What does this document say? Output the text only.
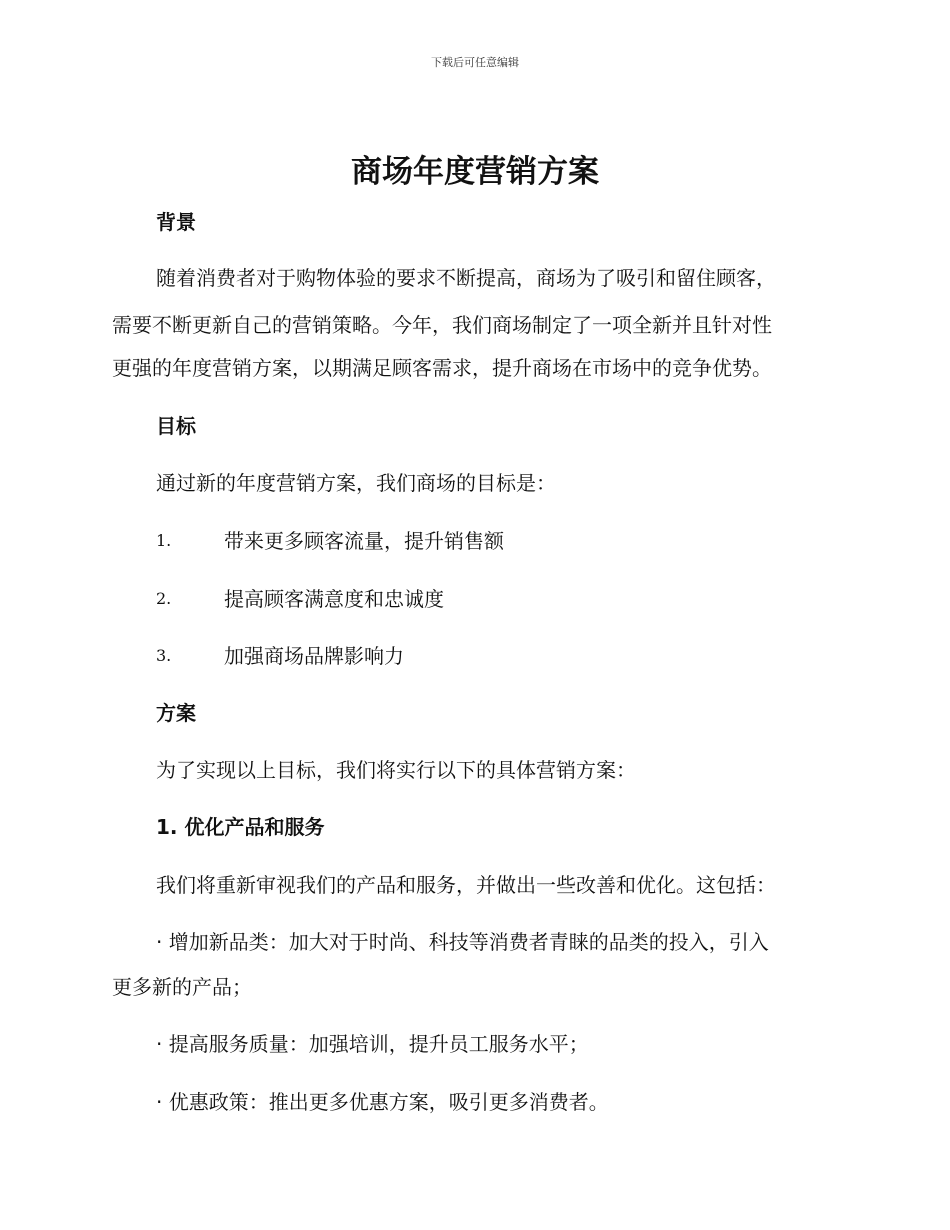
下载后可任意编辑
商场年度营销方案
背景
随着消费者对于购物体验的要求不断提高，商场为了吸引和留住顾客，
需要不断更新自己的营销策略。今年，我们商场制定了一项全新并且针对性
更强的年度营销方案，以期满足顾客需求，提升商场在市场中的竞争优势。
目标
通过新的年度营销方案，我们商场的目标是：
1.	带来更多顾客流量，提升销售额
2.	提高顾客满意度和忠诚度
3.	加强商场品牌影响力
方案
为了实现以上目标，我们将实行以下的具体营销方案：
1. 优化产品和服务
我们将重新审视我们的产品和服务，并做出一些改善和优化。这包括：
· 增加新品类：加大对于时尚、科技等消费者青睐的品类的投入，引入
更多新的产品；
· 提高服务质量：加强培训，提升员工服务水平；
· 优惠政策：推出更多优惠方案，吸引更多消费者。
